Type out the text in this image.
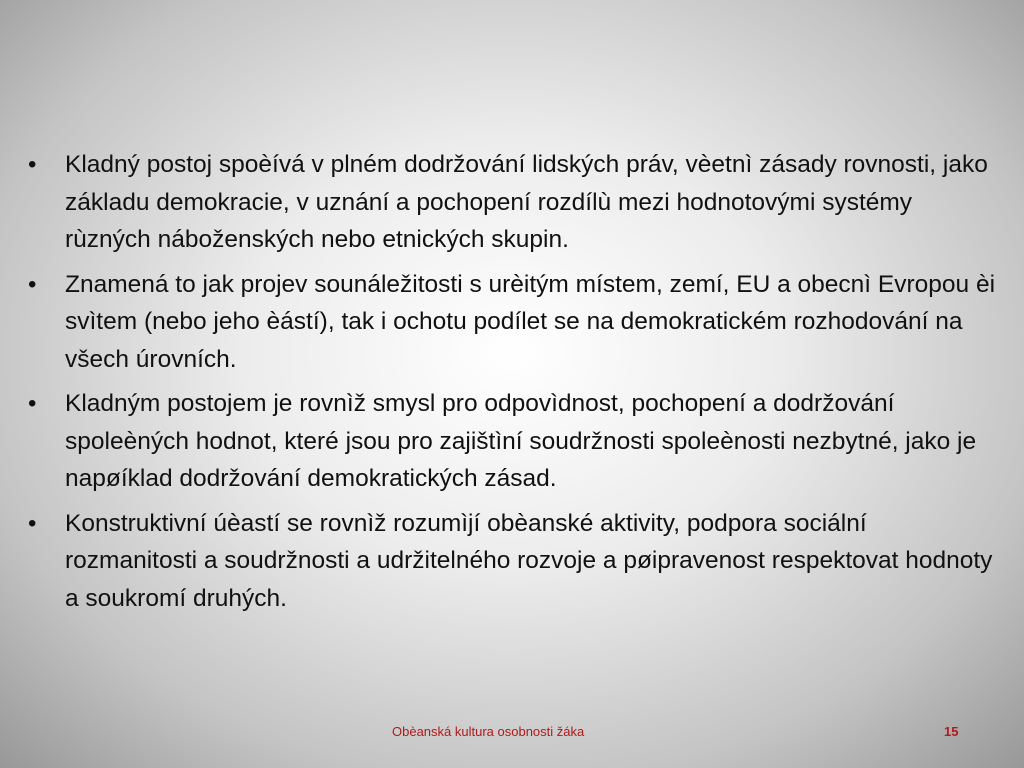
• Kladný postoj spoèívá v plném dodržování lidských práv, vèetnì zásady rovnosti, jako základu demokracie, v uznání a pochopení rozdílù mezi hodnotovými systémy rùzných náboženských nebo etnických skupin.
• Znamená to jak projev sounáležitosti s urèitým místem, zemí, EU a obecnì Evropou èi svìtem (nebo jeho èástí), tak i ochotu podílet se na demokratickém rozhodování na všech úrovních.
• Kladným postojem je rovnìž smysl pro odpovìdnost, pochopení a dodržování spoleèných hodnot, které jsou pro zajištìní soudržnosti spoleènosti nezbytné, jako je napøíklad dodržování demokratických zásad.
• Konstruktivní úèastí se rovnìž rozumìjí obèanské aktivity, podpora sociální rozmanitosti a soudržnosti a udržitelného rozvoje a pøipravenost respektovat hodnoty a soukromí druhých.
Obèanská kultura osobnosti žáka	15
